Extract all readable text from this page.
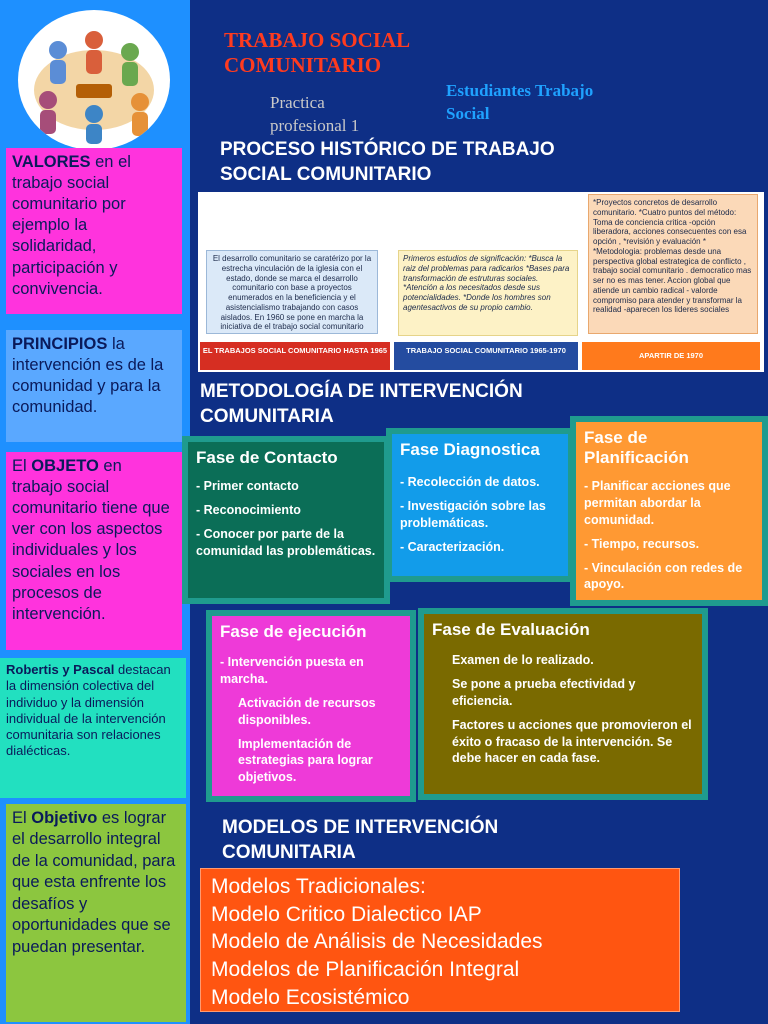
VALORES en el trabajo social comunitario por ejemplo la solidaridad, participación y convivencia.
PRINCIPIOS la intervención es de la comunidad y para la comunidad.
El OBJETO en trabajo social comunitario tiene que ver con los aspectos individuales y los sociales en los procesos de intervención.
Robertis y Pascal destacan la dimensión colectiva del individuo y la dimensión individual de la intervención comunitaria son relaciones dialécticas.
El Objetivo es lograr el desarrollo integral de la comunidad, para que esta enfrente los desafíos y oportunidades que se puedan presentar.
TRABAJO SOCIAL
COMUNITARIO
Practica
profesional 1
Estudiantes Trabajo
Social
PROCESO HISTÓRICO DE TRABAJO
SOCIAL COMUNITARIO
El desarrollo comunitario se caratérizo por la estrecha vinculación de la iglesia con el estado, donde se marca el desarrollo comunitario con base a proyectos enumerados en la beneficiencia y el asistencialismo trabajando con casos aislados. En 1960 se pone en marcha la iniciativa de el trabajo social comunitario
Primeros estudios de significación: *Busca la raiz del problemas para radicarios *Bases para transformación de estruturas sociales. *Atención a los necesitados desde sus potencialidades. *Donde los hombres son agentesactivos de su propio cambio.
*Proyectos concretos de desarrollo comunitario. *Cuatro puntos del método: Toma de conciencia critica -opción liberadora, acciones consecuentes con esa opción , *revisión y evaluación * *Metodologia: problemas desde una perspectiva global estrategica de conflicto , trabajo social comunitario . democratico mas ser no es mas tener. Accion global que atiende un cambio radical - valorde compromiso para atender y transformar la realidad -aparecen los lideres sociales
EL TRABAJOS SOCIAL COMUNITARIO HASTA 1965	TRABAJO SOCIAL COMUNITARIO 1965-1970
APARTIR DE 1970
METODOLOGÍA DE INTERVENCIÓN
COMUNITARIA
Fase de Contacto
- Primer contacto
- Reconocimiento
- Conocer por parte de la comunidad las problemáticas.
Fase Diagnostica
- Recolección de datos.
- Investigación sobre las problemáticas.
- Caracterización.
Fase de Planificación
- Planificar acciones que permitan abordar la comunidad.
- Tiempo, recursos.
- Vinculación con redes de apoyo.
Fase de ejecución
- Intervención puesta en marcha.
Activación de recursos disponibles.
Implementación de estrategias para lograr objetivos.
Fase de Evaluación
Examen de lo realizado.
Se pone a prueba efectividad y eficiencia.
Factores u acciones que promovieron el éxito o fracaso de la intervención. Se debe hacer en cada fase.
MODELOS DE INTERVENCIÓN
COMUNITARIA
Modelos Tradicionales:
Modelo Critico Dialectico IAP
Modelo de Análisis de Necesidades
Modelos de Planificación Integral
Modelo Ecosistémico
